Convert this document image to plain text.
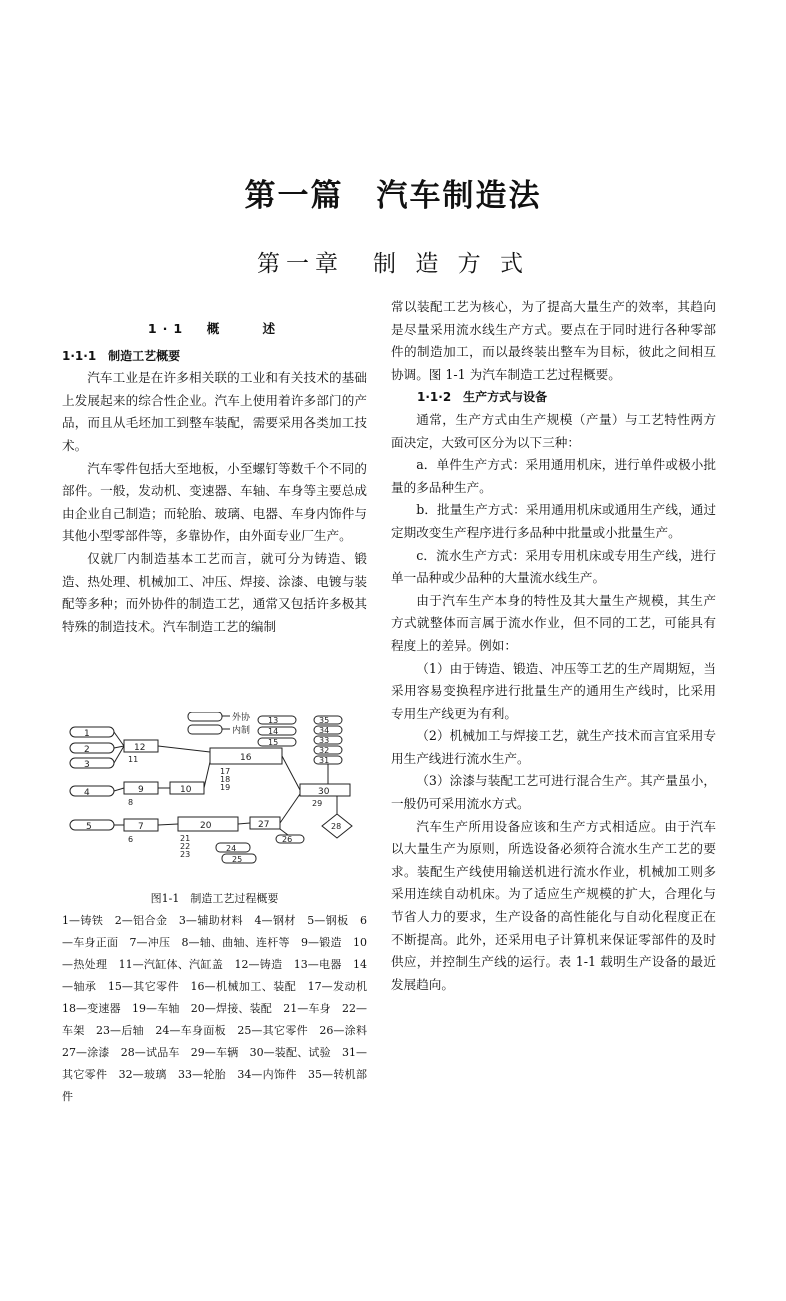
第一篇　汽车制造法
第一章　制 造 方 式
1·1　概　　述
1·1·1　制造工艺概要

汽车工业是在许多相关联的工业和有关技术的基础上发展起来的综合性企业。汽车上使用着许多部门的产品，而且从毛坯加工到整车装配，需要采用各类加工技术。

汽车零件包括大至地板，小至螺钉等数千个不同的部件。一般，发动机、变速器、车轴、车身等主要总成由企业自己制造；而轮胎、玻璃、电器、车身内饰件与其他小型零部件等，多靠协作，由外面专业厂生产。

仅就厂内制造基本工艺而言，就可分为铸造、锻造、热处理、机械加工、冲压、焊接、涂漆、电镀与装配等多种；而外协件的制造工艺，通常又包括许多极其特殊的制造技术。汽车制造工艺的编制

常以装配工艺为核心，为了提高大量生产的效率，其趋向是尽量采用流水线生产方式。要点在于同时进行各种零部件的制造加工，而以最终装出整车为目标，彼此之间相互协调。图 1-1 为汽车制造工艺过程概要。

1·1·2　生产方式与设备

通常，生产方式由生产规模（产量）与工艺特性两方面决定，大致可区分为以下三种：

a．单件生产方式：采用通用机床，进行单件或极小批量的多品种生产。

b．批量生产方式：采用通用机床或通用生产线，通过定期改变生产程序进行多品种中批量或小批量生产。

c．流水生产方式：采用专用机床或专用生产线，进行单一品种或少品种的大量流水线生产。

由于汽车生产本身的特性及其大量生产规模，其生产方式就整体而言属于流水作业，但不同的工艺，可能具有程度上的差异。例如：

（1）由于铸造、锻造、冲压等工艺的生产周期短，当采用容易变换程序进行批量生产的通用生产线时，比采用专用生产线更为有利。

（2）机械加工与焊接工艺，就生产技术而言宜采用专用生产线进行流水生产。

（3）涂漆与装配工艺可进行混合生产。其产量虽小，一般仍可采用流水方式。

汽车生产所用设备应该和生产方式相适应。由于汽车以大量生产为原则，所选设备必须符合流水生产工艺的要求。装配生产线使用输送机进行流水作业，机械加工则多采用连续自动机床。为了适应生产规模的扩大，合理化与节省人力的要求，生产设备的高性能化与自动化程度正在不断提高。此外，还采用电子计算机来保证零部件的及时供应，并控制生产线的运行。表 1-1 载明生产设备的最近发展趋向。

外协
内制
1
2
3
4
12
11
9
8
10
16
17
18
19
13
14
15
35
34
33
32
31
30
29
28
5	7
6
20
21
22
23
27
26
24
25
图1-1　制造工艺过程概要
1—铸铁　2—铝合金　3—辅助材料　4—钢材　5—钢板　6—车身正面　7—冲压　8—轴、曲轴、连杆等　9—锻造　10—热处理　11—汽缸体、汽缸盖　12—铸造　13—电器　14—轴承　15—其它零件　16—机械加工、装配　17—发动机　18—变速器　19—车轴　20—焊接、装配　21—车身　22—车架　23—后轴　24—车身面板　25—其它零件　26—涂料　27—涂漆　28—试品车　29—车辆　30—装配、试验　31—其它零件　32—玻璃　33—轮胎　34—内饰件　35—转机部件
